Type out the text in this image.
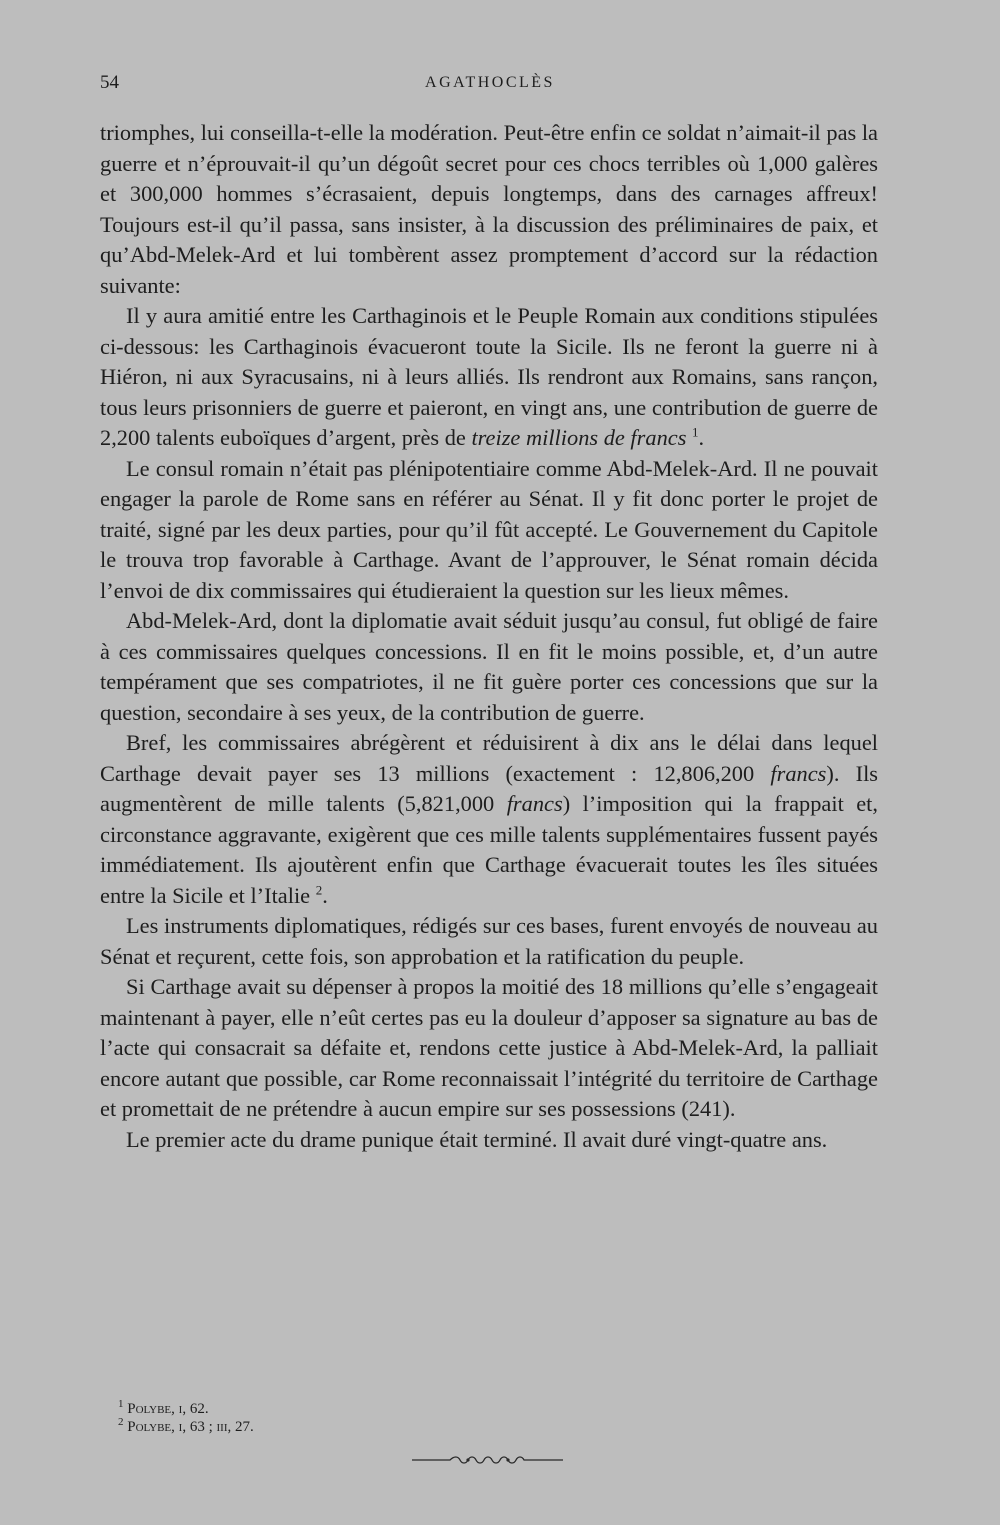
54	AGATHOCLÈS

triomphes, lui conseilla-t-elle la modération. Peut-être enfin ce soldat n’aimait-il pas la guerre et n’éprouvait-il qu’un dégoût secret pour ces chocs terribles où 1,000 galères et 300,000 hommes s’écrasaient, depuis longtemps, dans des carnages affreux! Toujours est-il qu’il passa, sans insister, à la discussion des préliminaires de paix, et qu’Abd-Melek-Ard et lui tombèrent assez promptement d’accord sur la rédaction suivante:

Il y aura amitié entre les Carthaginois et le Peuple Romain aux conditions stipulées ci-dessous: les Carthaginois évacueront toute la Sicile. Ils ne feront la guerre ni à Hiéron, ni aux Syracusains, ni à leurs alliés. Ils rendront aux Romains, sans rançon, tous leurs prisonniers de guerre et paieront, en vingt ans, une contribution de guerre de 2,200 talents euboïques d’argent, près de treize millions de francs $^1$.

Le consul romain n’était pas plénipotentiaire comme Abd-Melek-Ard. Il ne pouvait engager la parole de Rome sans en référer au Sénat. Il y fit donc porter le projet de traité, signé par les deux parties, pour qu’il fût accepté. Le Gouvernement du Capitole le trouva trop favorable à Carthage. Avant de l’approuver, le Sénat romain décida l’envoi de dix commissaires qui étudieraient la question sur les lieux mêmes.

Abd-Melek-Ard, dont la diplomatie avait séduit jusqu’au consul, fut obligé de faire à ces commissaires quelques concessions. Il en fit le moins possible, et, d’un autre tempérament que ses compatriotes, il ne fit guère porter ces concessions que sur la question, secondaire à ses yeux, de la contribution de guerre.

Bref, les commissaires abrégèrent et réduisirent à dix ans le délai dans lequel Carthage devait payer ses 13 millions (exactement : 12,806,200 francs). Ils augmentèrent de mille talents (5,821,000 francs) l’imposition qui la frappait et, circonstance aggravante, exigèrent que ces mille talents supplémentaires fussent payés immédiatement. Ils ajoutèrent enfin que Carthage évacuerait toutes les îles situées entre la Sicile et l’Italie $^2$.

Les instruments diplomatiques, rédigés sur ces bases, furent envoyés de nouveau au Sénat et reçurent, cette fois, son approbation et la ratification du peuple.

Si Carthage avait su dépenser à propos la moitié des 18 millions qu’elle s’engageait maintenant à payer, elle n’eût certes pas eu la douleur d’apposer sa signature au bas de l’acte qui consacrait sa défaite et, rendons cette justice à Abd-Melek-Ard, la palliait encore autant que possible, car Rome reconnaissait l’intégrité du territoire de Carthage et promettait de ne prétendre à aucun empire sur ses possessions (241).

Le premier acte du drame punique était terminé. Il avait duré vingt-quatre ans.

$^1$ Polybe, i, 62.

$^2$ Polybe, i, 63 ; iii, 27.
